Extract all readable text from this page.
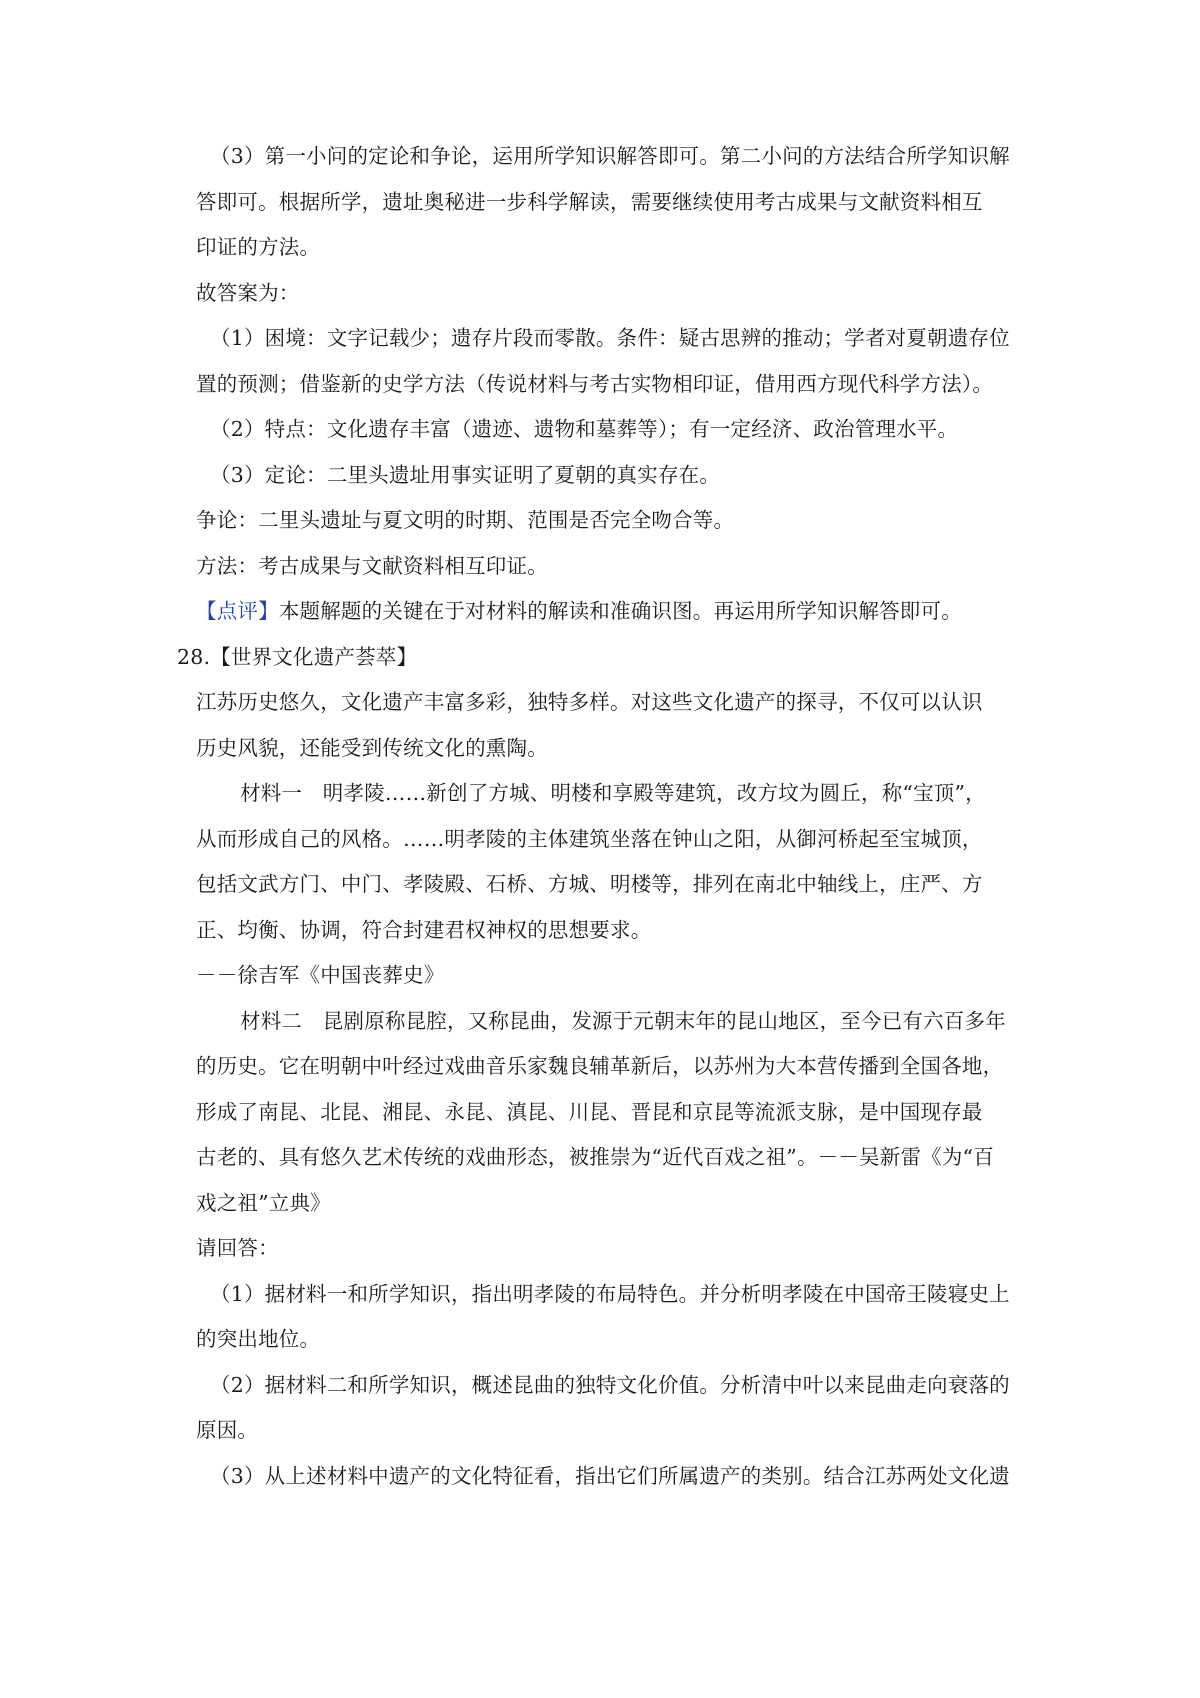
（3）第一小问的定论和争论，运用所学知识解答即可。第二小问的方法结合所学知识解
答即可。根据所学，遗址奥秘进一步科学解读，需要继续使用考古成果与文献资料相互
印证的方法。
故答案为：
（1）困境：文字记载少；遗存片段而零散。条件：疑古思辨的推动；学者对夏朝遗存位
置的预测；借鉴新的史学方法（传说材料与考古实物相印证，借用西方现代科学方法）。
（2）特点：文化遗存丰富（遗迹、遗物和墓葬等）；有一定经济、政治管理水平。
（3）定论：二里头遗址用事实证明了夏朝的真实存在。
争论：二里头遗址与夏文明的时期、范围是否完全吻合等。
方法：考古成果与文献资料相互印证。
【点评】本题解题的关键在于对材料的解读和准确识图。再运用所学知识解答即可。
28.【世界文化遗产荟萃】
江苏历史悠久，文化遗产丰富多彩，独特多样。对这些文化遗产的探寻，不仅可以认识
历史风貌，还能受到传统文化的熏陶。
材料一　明孝陵……新创了方城、明楼和享殿等建筑，改方坟为圆丘，称“宝顶”，
从而形成自己的风格。……明孝陵的主体建筑坐落在钟山之阳，从御河桥起至宝城顶，
包括文武方门、中门、孝陵殿、石桥、方城、明楼等，排列在南北中轴线上，庄严、方
正、均衡、协调，符合封建君权神权的思想要求。
－－徐吉军《中国丧葬史》
材料二　昆剧原称昆腔，又称昆曲，发源于元朝末年的昆山地区，至今已有六百多年
的历史。它在明朝中叶经过戏曲音乐家魏良辅革新后，以苏州为大本营传播到全国各地，
形成了南昆、北昆、湘昆、永昆、滇昆、川昆、晋昆和京昆等流派支脉，是中国现存最
古老的、具有悠久艺术传统的戏曲形态，被推崇为“近代百戏之祖”。－－吴新雷《为“百
戏之祖”立典》
请回答：
（1）据材料一和所学知识，指出明孝陵的布局特色。并分析明孝陵在中国帝王陵寝史上
的突出地位。
（2）据材料二和所学知识，概述昆曲的独特文化价值。分析清中叶以来昆曲走向衰落的
原因。
（3）从上述材料中遗产的文化特征看，指出它们所属遗产的类别。结合江苏两处文化遗
